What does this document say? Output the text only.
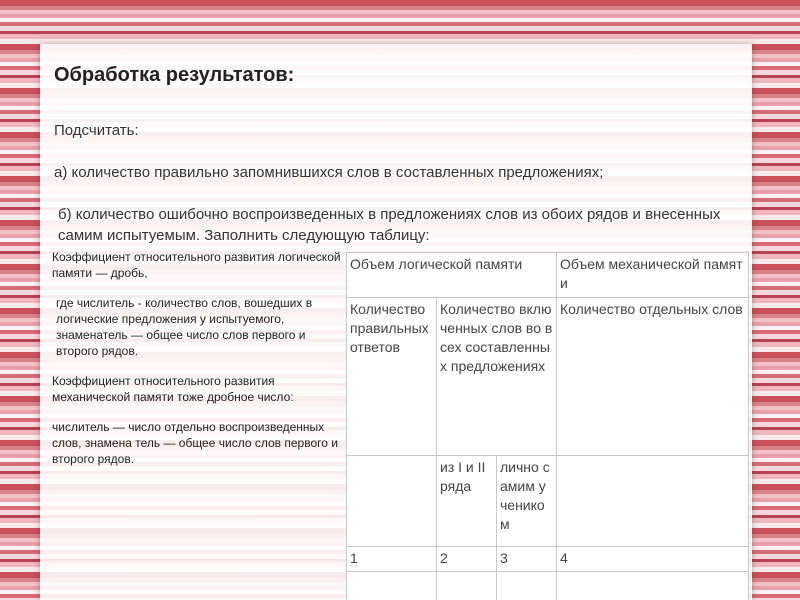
Обработка результатов:
Подсчитать:
а) количество правильно запомнившихся слов в составленных предложениях;
б) количество ошибочно воспроизведенных в предложениях слов из обоих рядов и внесенных самим испытуемым. Заполнить следующую таблицу:

Коэффициент относительного развития логической памяти — дробь,

где числитель - количество слов, вошедших в логические предложения у испытуемого, знаменатель — общее число слов первого и второго рядов.

Коэффициент относительного развития механической памяти тоже дробное число:

числитель — число отдельно воспроизведенных слов, знамена тель — общее число слов первого и второго рядов.

Объем логической памяти			Объем механической памяти
Количество правильных ответов	Количество включенных слов во всех составленных предложениях		Количество отдельных слов
	из I и II ряда	лично самим учеником	
1	2	3	4
